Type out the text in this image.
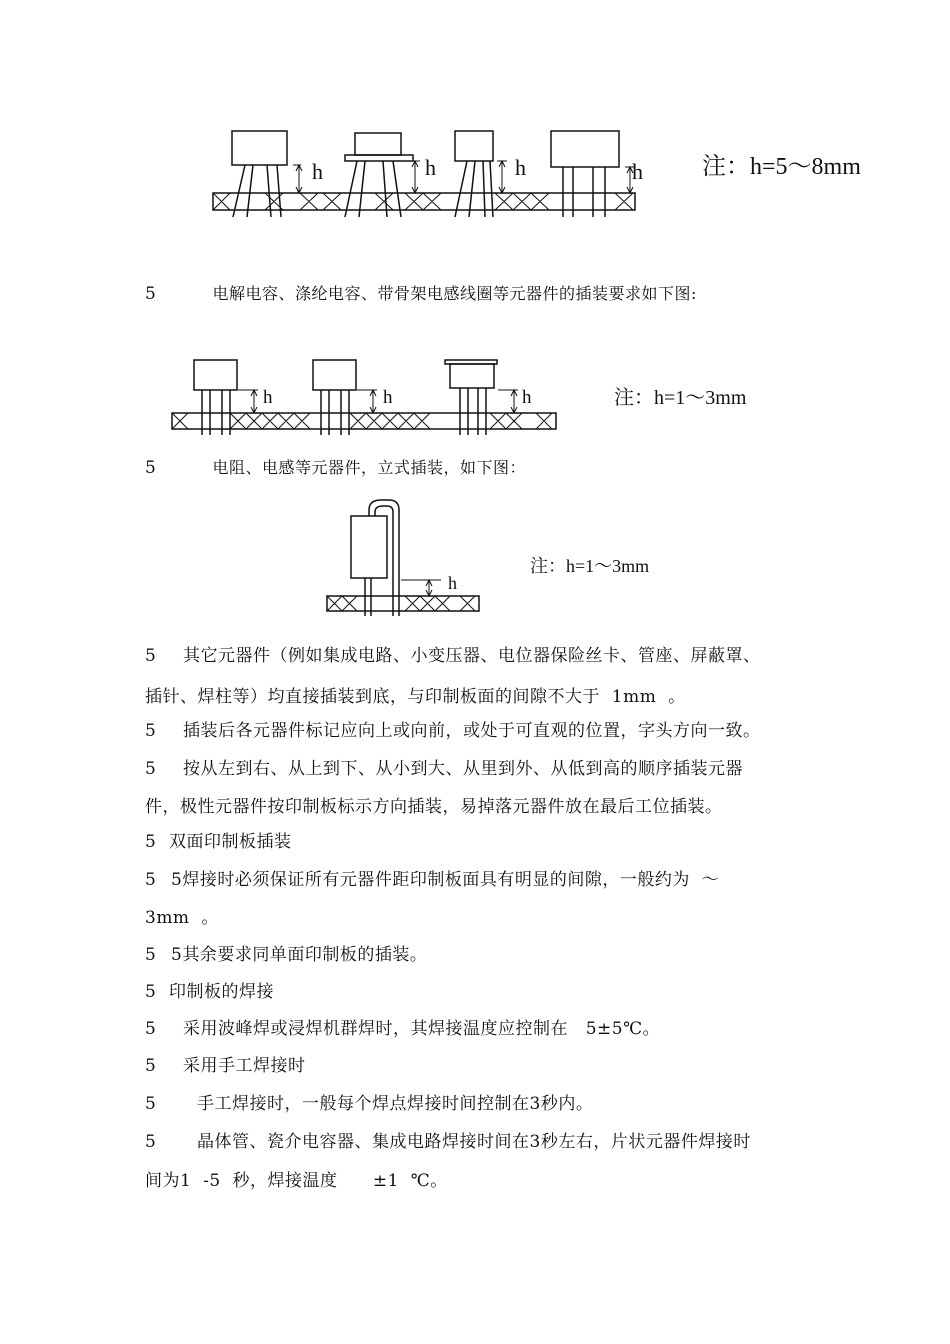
h	h	h	h 注：h=5～8mm
h	h	h	注：h=1～3mm
h
注：h=1～3mm
5	电解电容、涤纶电容、带骨架电感线圈等元器件的插装要求如下图:
5	电阻、电感等元器件，立式插装，如下图：
5 其它元器件（例如集成电路、小变压器、电位器保险丝卡、管座、屏蔽罩、
插针、焊柱等）均直接插装到底，与印制板面的间隙不大于  1mm  。
5 插装后各元器件标记应向上或向前，或处于可直观的位置，字头方向一致。
5 按从左到右、从上到下、从小到大、从里到外、从低到高的顺序插装元器
件，极性元器件按印制板标示方向插装，易掉落元器件放在最后工位插装。
5 双面印制板插装
5 5焊接时必须保证所有元器件距印制板面具有明显的间隙，一般约为  ～
3mm  。
5 5其余要求同单面印制板的插装。
5 印制板的焊接
5 采用波峰焊或浸焊机群焊时，其焊接温度应控制在   5±5℃。
5 采用手工焊接时
5 手工焊接时，一般每个焊点焊接时间控制在3秒内。
5 晶体管、瓷介电容器、集成电路焊接时间在3秒左右，片状元器件焊接时
间为1  -5  秒，焊接温度      ±1  ℃。
